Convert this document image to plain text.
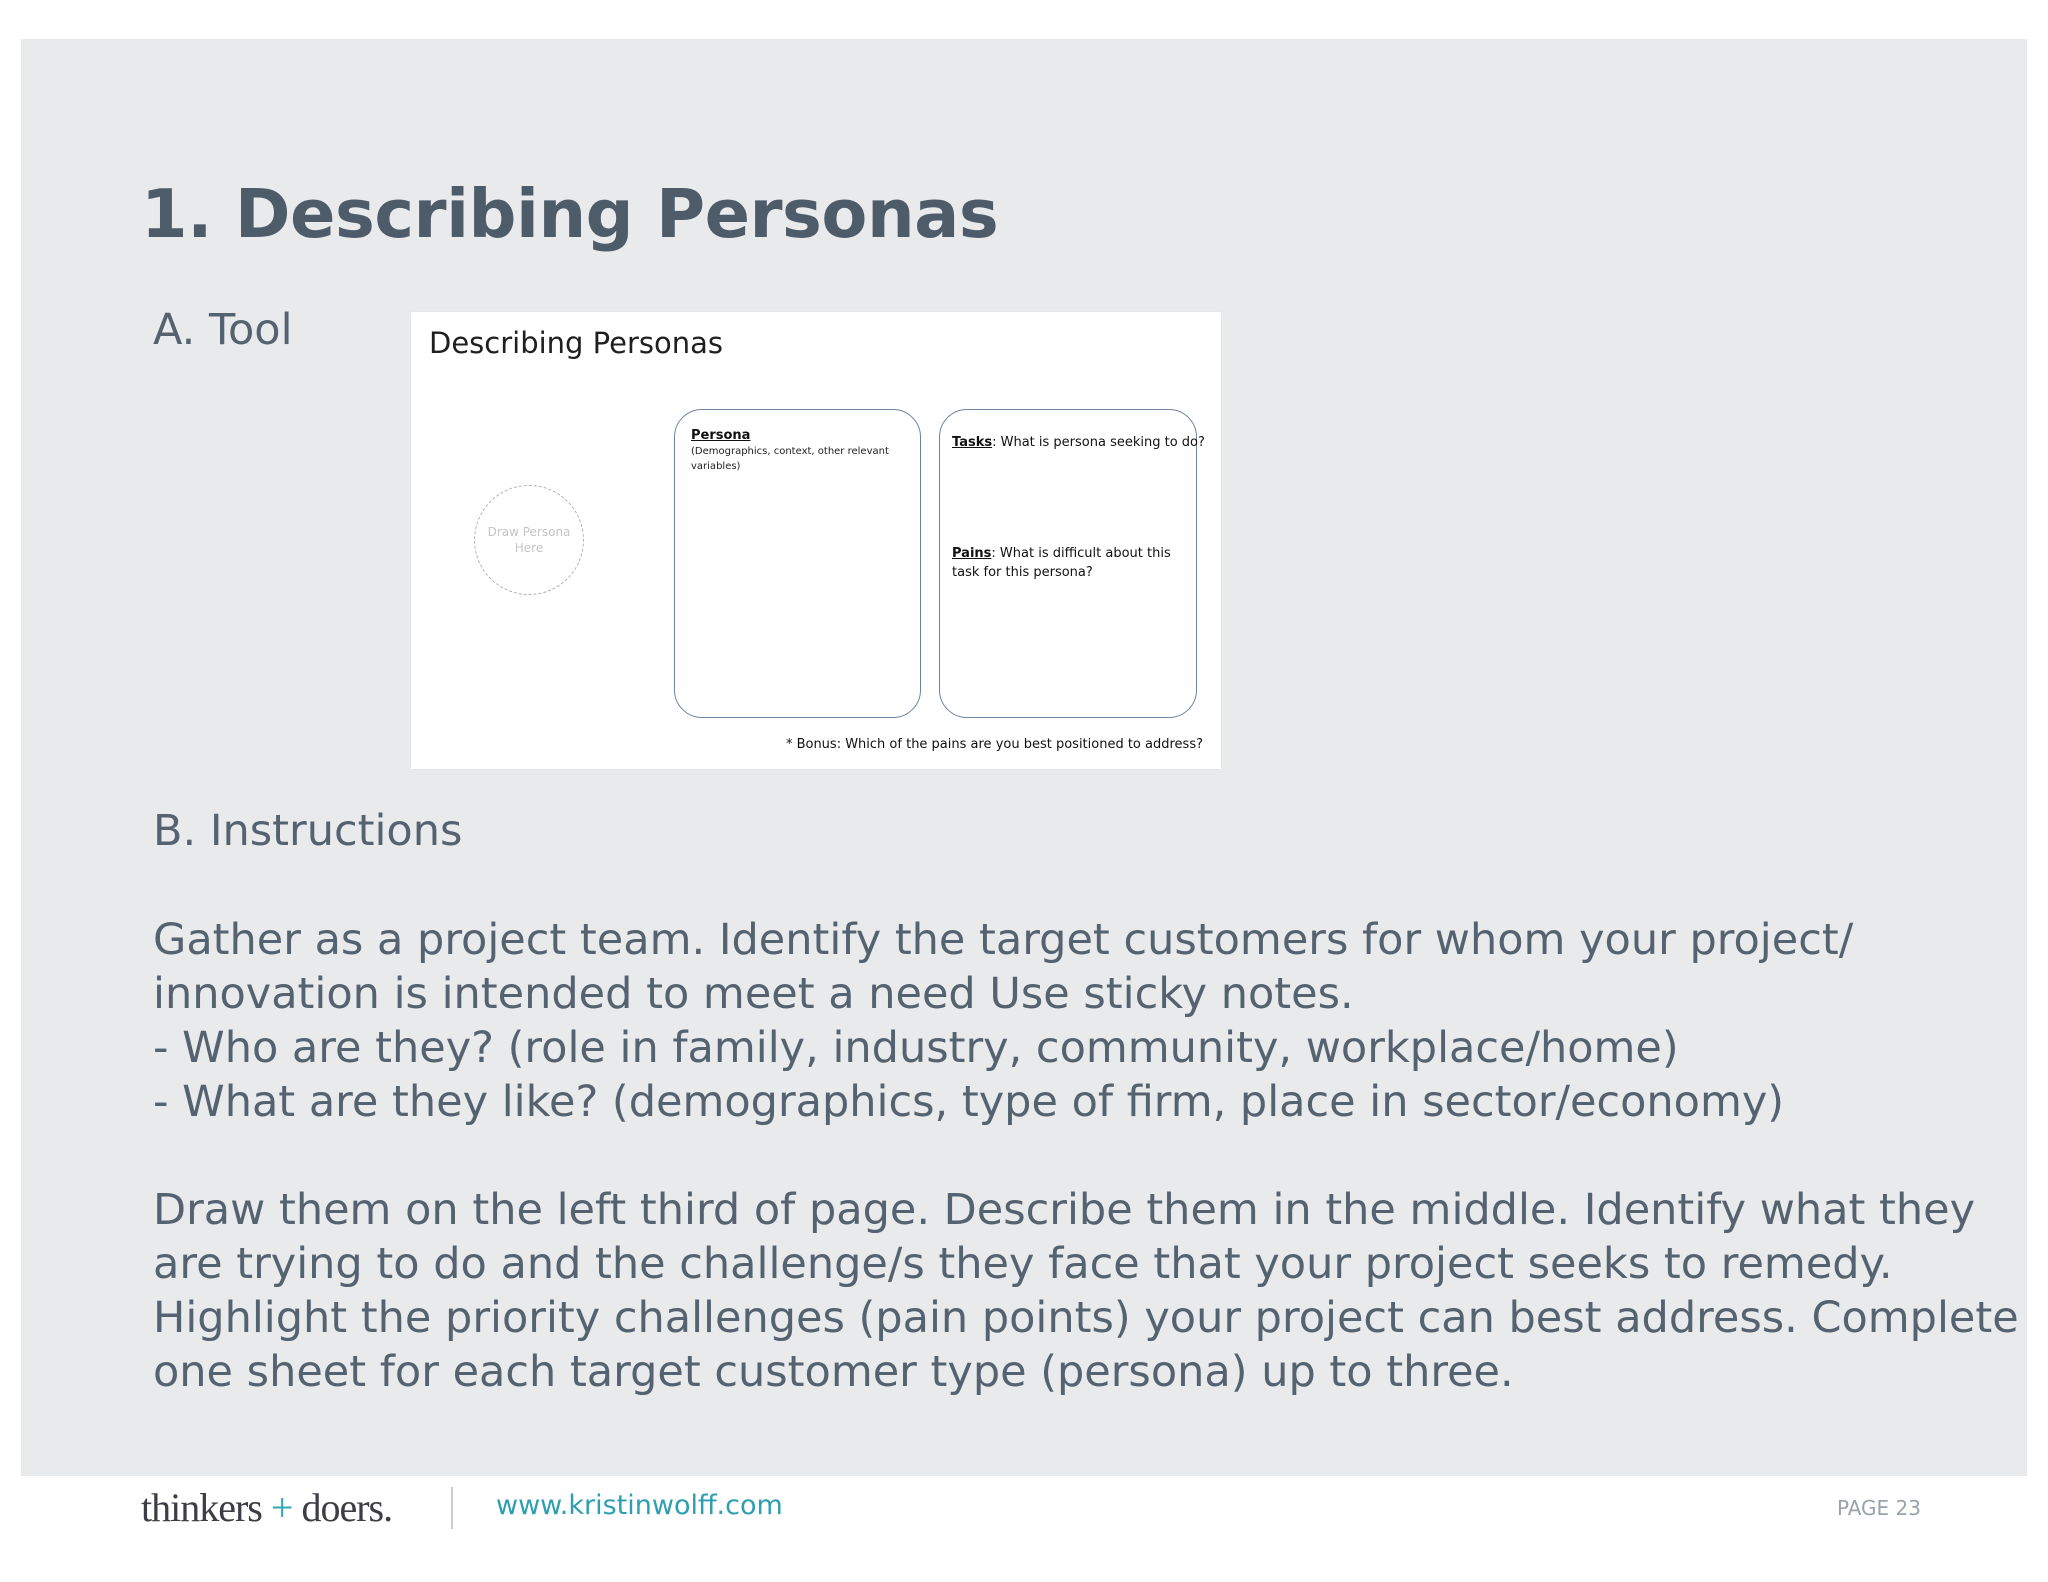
1. Describing Personas
A. Tool	Describing Personas
Draw Persona Here
Persona
(Demographics, context, other relevant variables)
Tasks: What is persona seeking to do?
Pains: What is difficult about this task for this persona?
* Bonus: Which of the pains are you best positioned to address?
B. Instructions
Gather as a project team. Identify the target customers for whom your project/ innovation is intended to meet a need Use sticky notes.
- Who are they? (role in family, industry, community, workplace/home)
- What are they like? (demographics, type of firm, place in sector/economy)
Draw them on the left third of page. Describe them in the middle. Identify what they are trying to do and the challenge/s they face that your project seeks to remedy. Highlight the priority challenges (pain points) your project can best address. Complete one sheet for each target customer type (persona) up to three.
thinkers + doers.	www.kristinwolff.com	PAGE 23
